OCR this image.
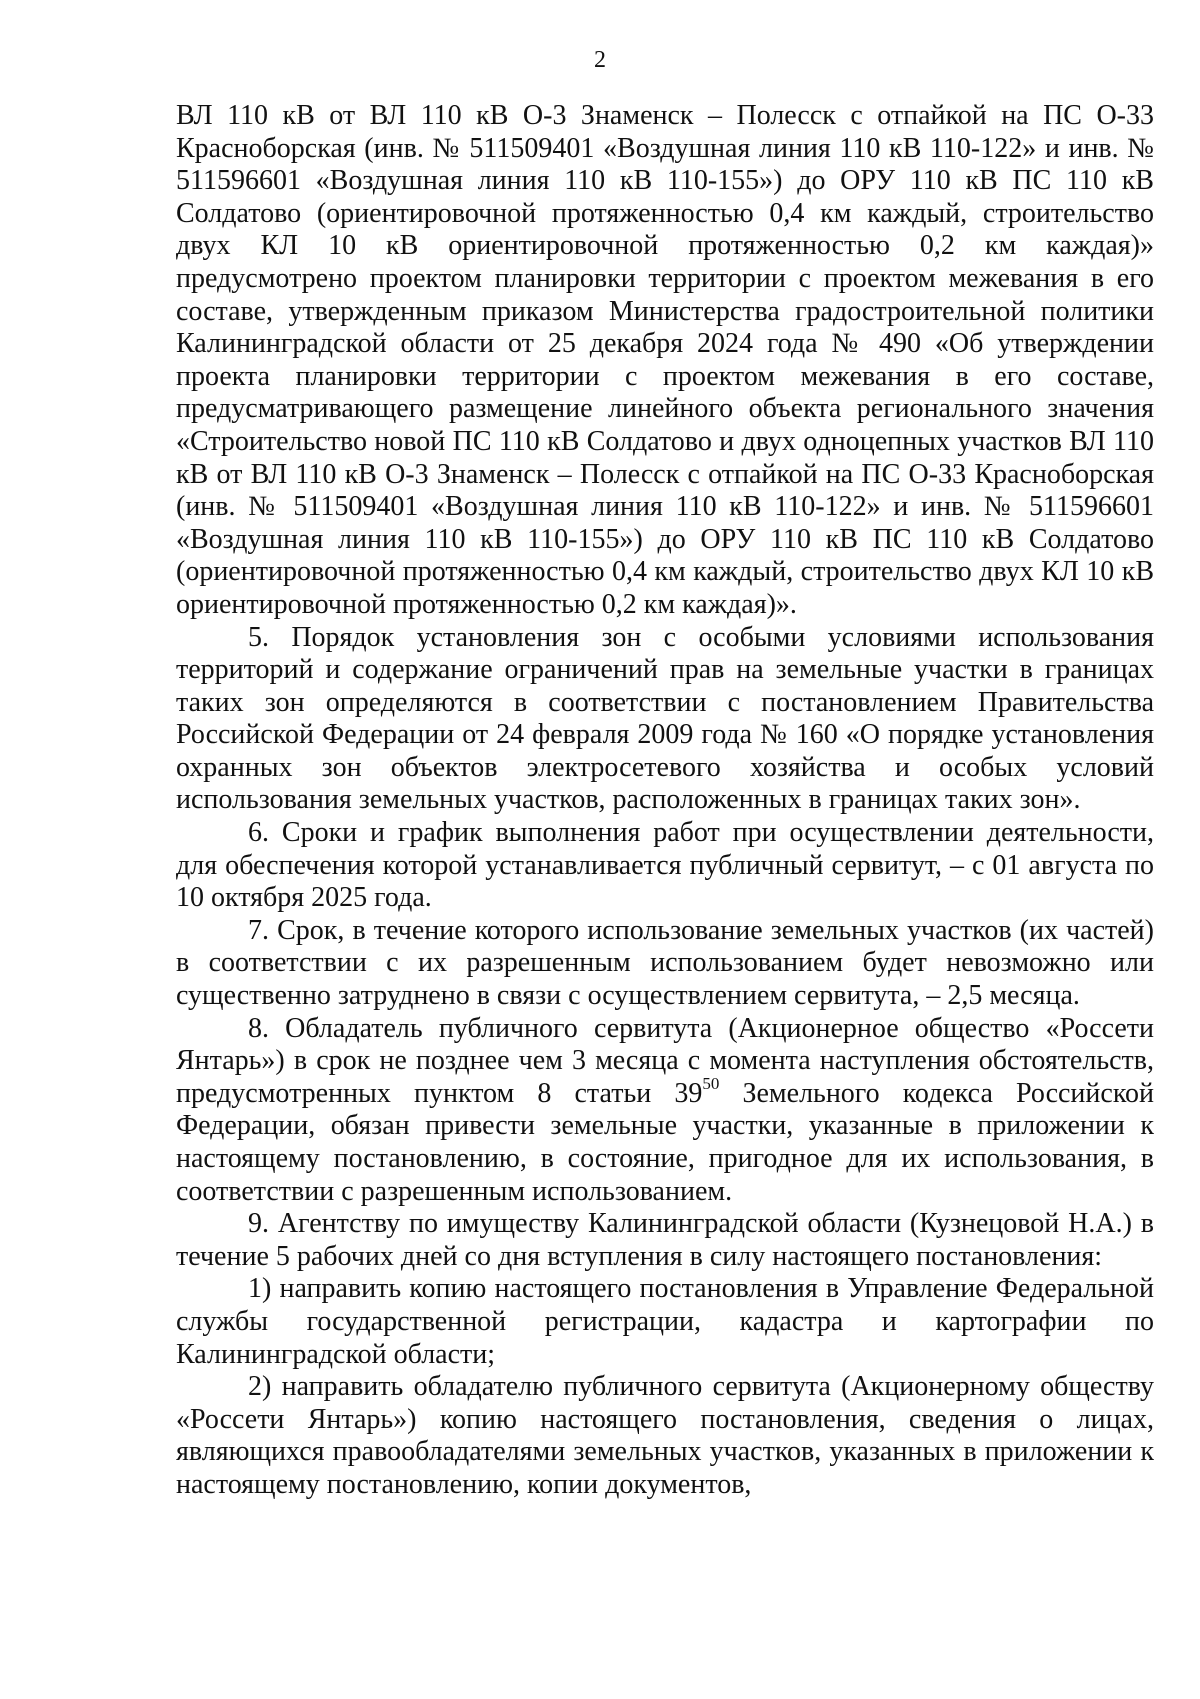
2

ВЛ 110 кВ от ВЛ 110 кВ О-3 Знаменск – Полесск с отпайкой на ПС О-33 Красноборская (инв. № 511509401 «Воздушная линия 110 кВ 110-122» и инв. № 511596601 «Воздушная линия 110 кВ 110-155») до ОРУ 110 кВ ПС 110 кВ Солдатово (ориентировочной протяженностью 0,4 км каждый, строительство двух КЛ 10 кВ ориентировочной протяженностью 0,2 км каждая)» предусмотрено проектом планировки территории с проектом межевания в его составе, утвержденным приказом Министерства градостроительной политики Калининградской области от 25 декабря 2024 года № 490 «Об утверждении проекта планировки территории с проектом межевания в его составе, предусматривающего размещение линейного объекта регионального значения «Строительство новой ПС 110 кВ Солдатово и двух одноцепных участков ВЛ 110 кВ от ВЛ 110 кВ О-3 Знаменск – Полесск с отпайкой на ПС О-33 Красноборская (инв. № 511509401 «Воздушная линия 110 кВ 110-122» и инв. № 511596601 «Воздушная линия 110 кВ 110-155») до ОРУ 110 кВ ПС 110 кВ Солдатово (ориентировочной протяженностью 0,4 км каждый, строительство двух КЛ 10 кВ ориентировочной протяженностью 0,2 км каждая)».

5. Порядок установления зон с особыми условиями использования территорий и содержание ограничений прав на земельные участки в границах таких зон определяются в соответствии с постановлением Правительства Российской Федерации от 24 февраля 2009 года № 160 «О порядке установления охранных зон объектов электросетевого хозяйства и особых условий использования земельных участков, расположенных в границах таких зон».

6. Сроки и график выполнения работ при осуществлении деятельности, для обеспечения которой устанавливается публичный сервитут, – с 01 августа по 10 октября 2025 года.

7. Срок, в течение которого использование земельных участков (их частей) в соответствии с их разрешенным использованием будет невозможно или существенно затруднено в связи с осуществлением сервитута, – 2,5 месяца.

8. Обладатель публичного сервитута (Акционерное общество «Россети Янтарь») в срок не позднее чем 3 месяца с момента наступления обстоятельств, предусмотренных пунктом 8 статьи $39^{50}$ Земельного кодекса Российской Федерации, обязан привести земельные участки, указанные в приложении к настоящему постановлению, в состояние, пригодное для их использования, в соответствии с разрешенным использованием.

9. Агентству по имуществу Калининградской области (Кузнецовой Н.А.) в течение 5 рабочих дней со дня вступления в силу настоящего постановления:

1) направить копию настоящего постановления в Управление Федеральной службы государственной регистрации, кадастра и картографии по Калининградской области;

2) направить обладателю публичного сервитута (Акционерному обществу «Россети Янтарь») копию настоящего постановления, сведения о лицах, являющихся правообладателями земельных участков, указанных в приложении к настоящему постановлению, копии документов,
